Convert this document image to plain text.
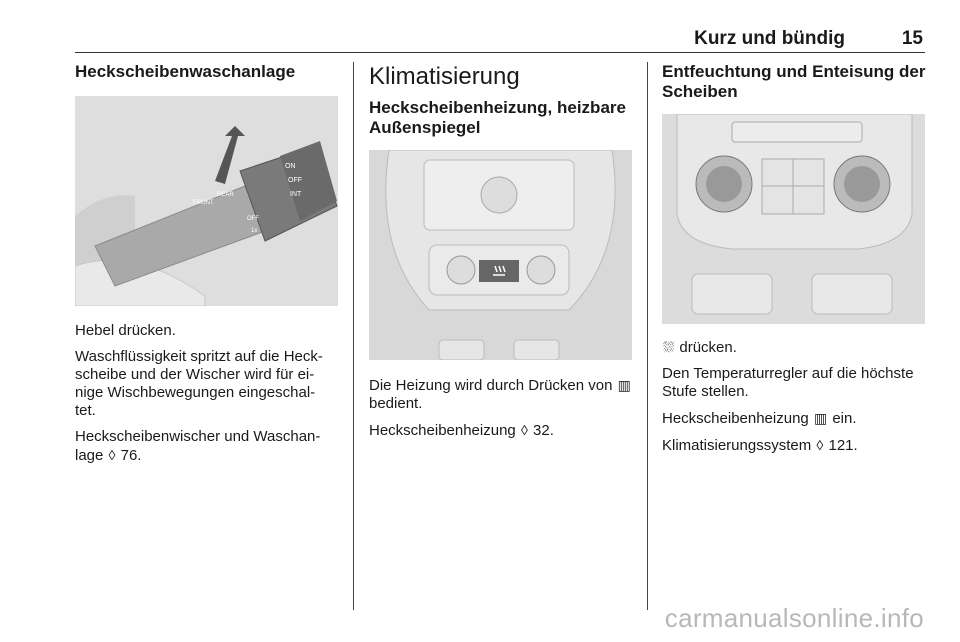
Kurz und bündig	15
Heckscheibenwaschanlage
ON
OFF
INT
FRONT
REAR
OFF
1x

Hebel drücken.

Waschflüssigkeit spritzt auf die Heck- scheibe und der Wischer wird für ei- nige Wischbewegungen eingeschal- tet.

Heckscheibenwischer und Waschan- lage ◊ 76.

Klimatisierung
Heckscheibenheizung, heizbare Außenspiegel

Die Heizung wird durch Drücken von ▥ bedient.

Heckscheibenheizung ◊ 32.

Entfeuchtung und Enteisung der Scheiben

⛆ drücken.

Den Temperaturregler auf die höchste Stufe stellen.

Heckscheibenheizung ▥ ein.

Klimatisierungssystem ◊ 121.

carmanualsonline.info
